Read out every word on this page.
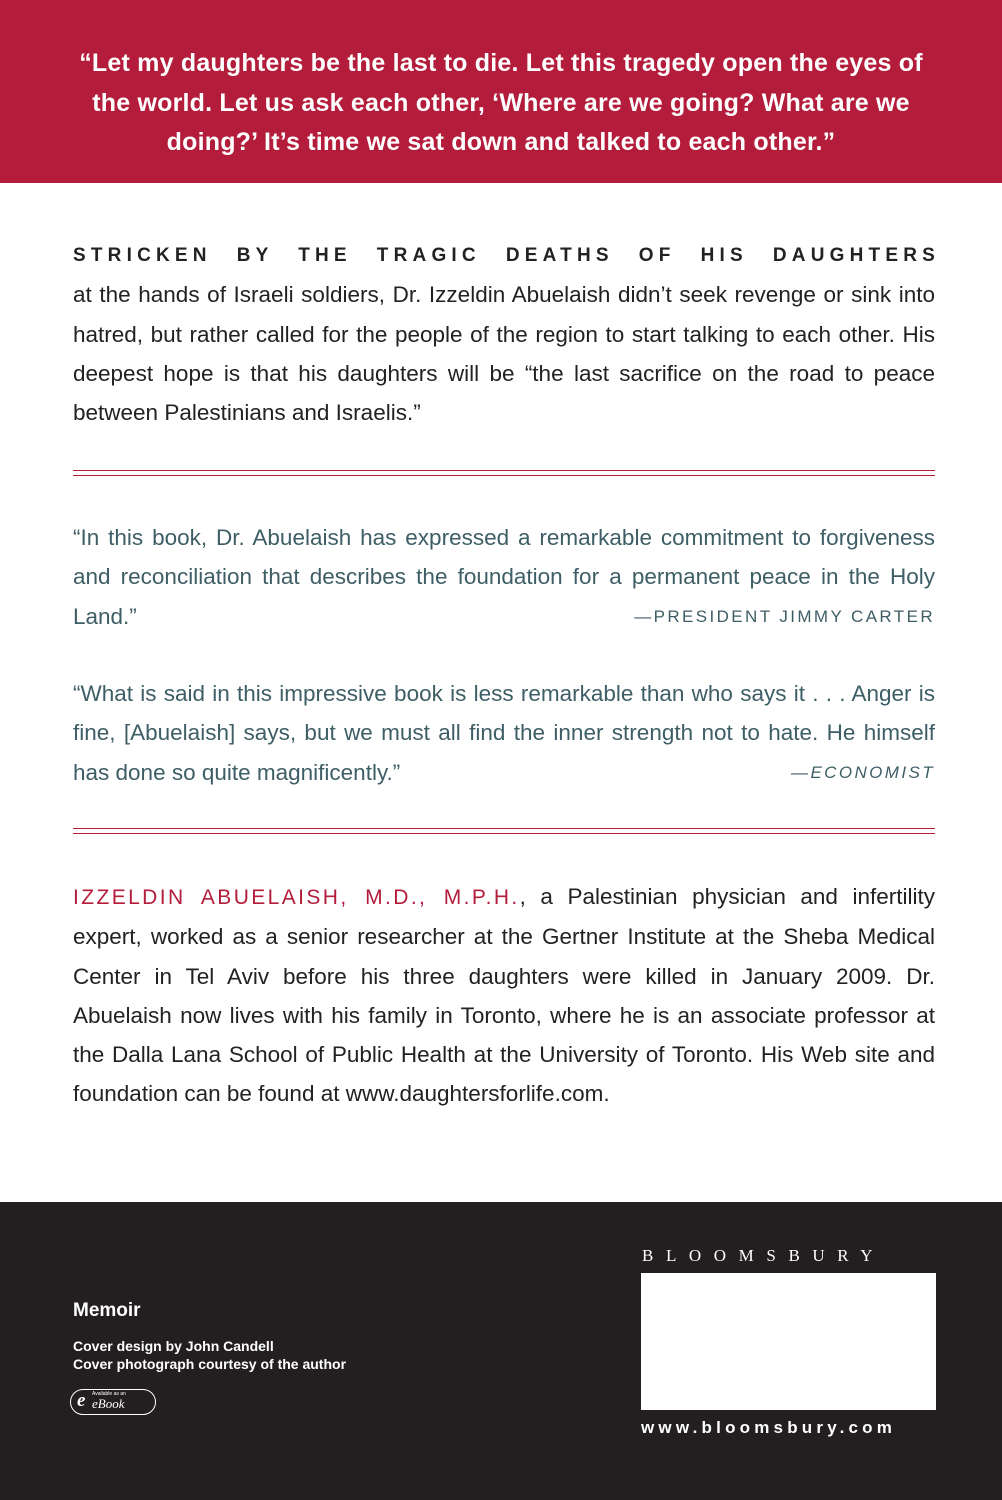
“Let my daughters be the last to die. Let this tragedy open the eyes of the world. Let us ask each other, ‘Where are we going? What are we doing?’ It’s time we sat down and talked to each other.”

STRICKEN BY THE TRAGIC DEATHS OF HIS DAUGHTERS
at the hands of Israeli soldiers, Dr. Izzeldin Abuelaish didn’t seek revenge or sink into hatred, but rather called for the people of the region to start talking to each other. His deepest hope is that his daughters will be “the last sacrifice on the road to peace between Palestinians and Israelis.”

“In this book, Dr. Abuelaish has expressed a remarkable commitment to forgiveness and reconciliation that describes the foundation for a permanent peace in the Holy Land.”	—PRESIDENT JIMMY CARTER

“What is said in this impressive book is less remarkable than who says it . . . Anger is fine, [Abuelaish] says, but we must all find the inner strength not to hate. He himself has done so quite magnificently.”	—ECONOMIST

IZZELDIN ABUELAISH, M.D., M.P.H., a Palestinian physician and infertility expert, worked as a senior researcher at the Gertner Institute at the Sheba Medical Center in Tel Aviv before his three daughters were killed in January 2009. Dr. Abuelaish now lives with his family in Toronto, where he is an associate professor at the Dalla Lana School of Public Health at the University of Toronto. His Web site and foundation can be found at www.daughtersforlife.com.

Memoir

Cover design by John Candell
Cover photograph courtesy of the author

e Available as an
eBook

BLOOMSBURY

www.bloomsbury.com
